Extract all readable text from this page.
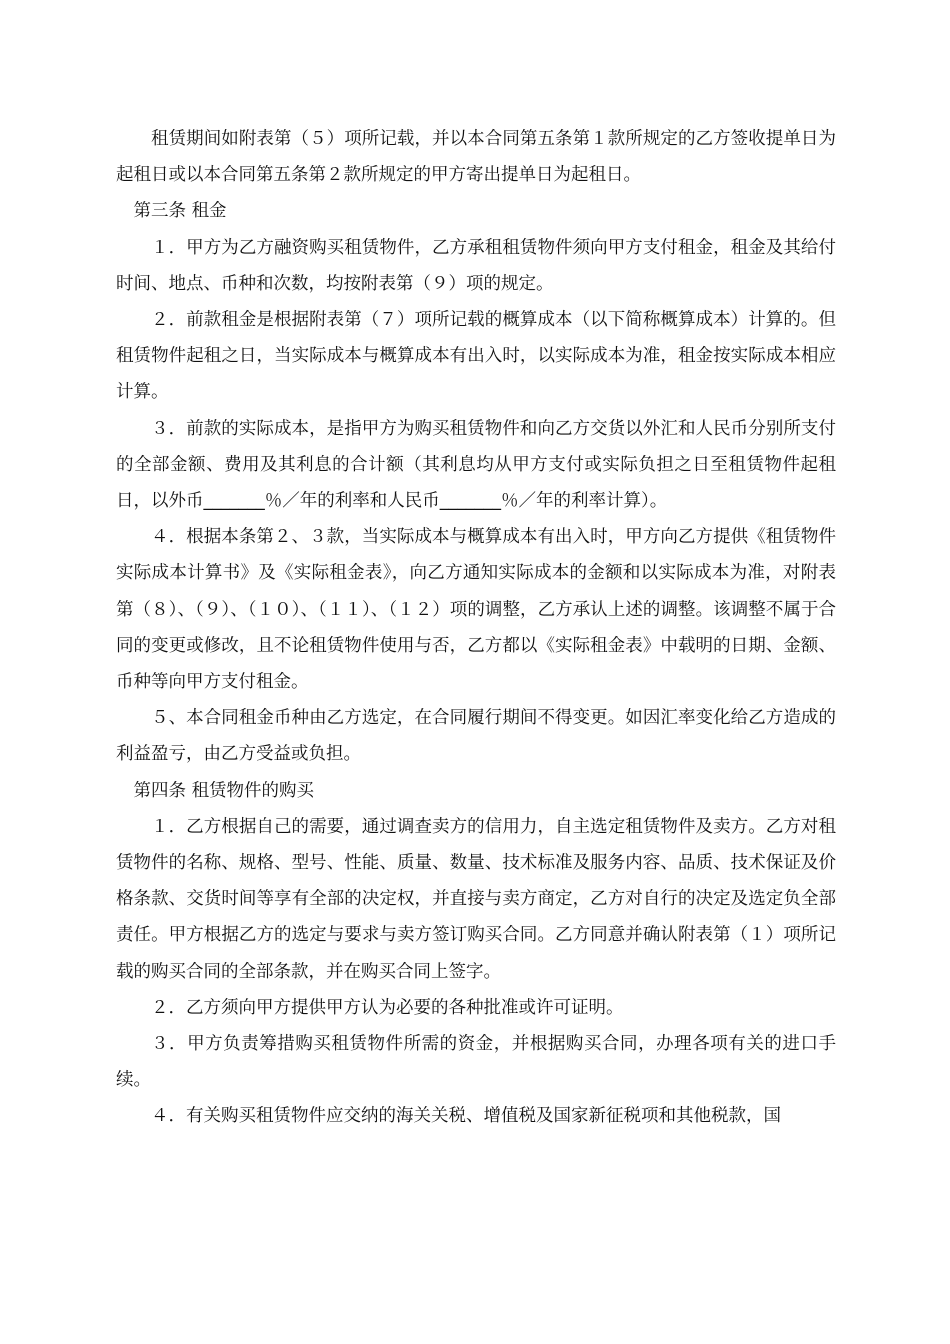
租赁期间如附表第（５）项所记载，并以本合同第五条第１款所规定的乙方签收提单日为起租日或以本合同第五条第２款所规定的甲方寄出提单日为起租日。

第三条 租金

１．甲方为乙方融资购买租赁物件，乙方承租租赁物件须向甲方支付租金，租金及其给付时间、地点、币种和次数，均按附表第（９）项的规定。

２．前款租金是根据附表第（７）项所记载的概算成本（以下简称概算成本）计算的。但租赁物件起租之日，当实际成本与概算成本有出入时，以实际成本为准，租金按实际成本相应计算。

３．前款的实际成本，是指甲方为购买租赁物件和向乙方交货以外汇和人民币分别所支付的全部金额、费用及其利息的合计额（其利息均从甲方支付或实际负担之日至租赁物件起租日，以外币_______％／年的利率和人民币_______％／年的利率计算）。

４．根据本条第２、３款，当实际成本与概算成本有出入时，甲方向乙方提供《租赁物件实际成本计算书》及《实际租金表》，向乙方通知实际成本的金额和以实际成本为准，对附表第（８）、（９）、（１０）、（１１）、（１２）项的调整，乙方承认上述的调整。该调整不属于合同的变更或修改，且不论租赁物件使用与否，乙方都以《实际租金表》中载明的日期、金额、币种等向甲方支付租金。

５、本合同租金币种由乙方选定，在合同履行期间不得变更。如因汇率变化给乙方造成的利益盈亏，由乙方受益或负担。

第四条 租赁物件的购买

１．乙方根据自己的需要，通过调查卖方的信用力，自主选定租赁物件及卖方。乙方对租赁物件的名称、规格、型号、性能、质量、数量、技术标准及服务内容、品质、技术保证及价格条款、交货时间等享有全部的决定权，并直接与卖方商定，乙方对自行的决定及选定负全部责任。甲方根据乙方的选定与要求与卖方签订购买合同。乙方同意并确认附表第（１）项所记载的购买合同的全部条款，并在购买合同上签字。

２．乙方须向甲方提供甲方认为必要的各种批准或许可证明。

３．甲方负责筹措购买租赁物件所需的资金，并根据购买合同，办理各项有关的进口手续。

４．有关购买租赁物件应交纳的海关关税、增值税及国家新征税项和其他税款，国
